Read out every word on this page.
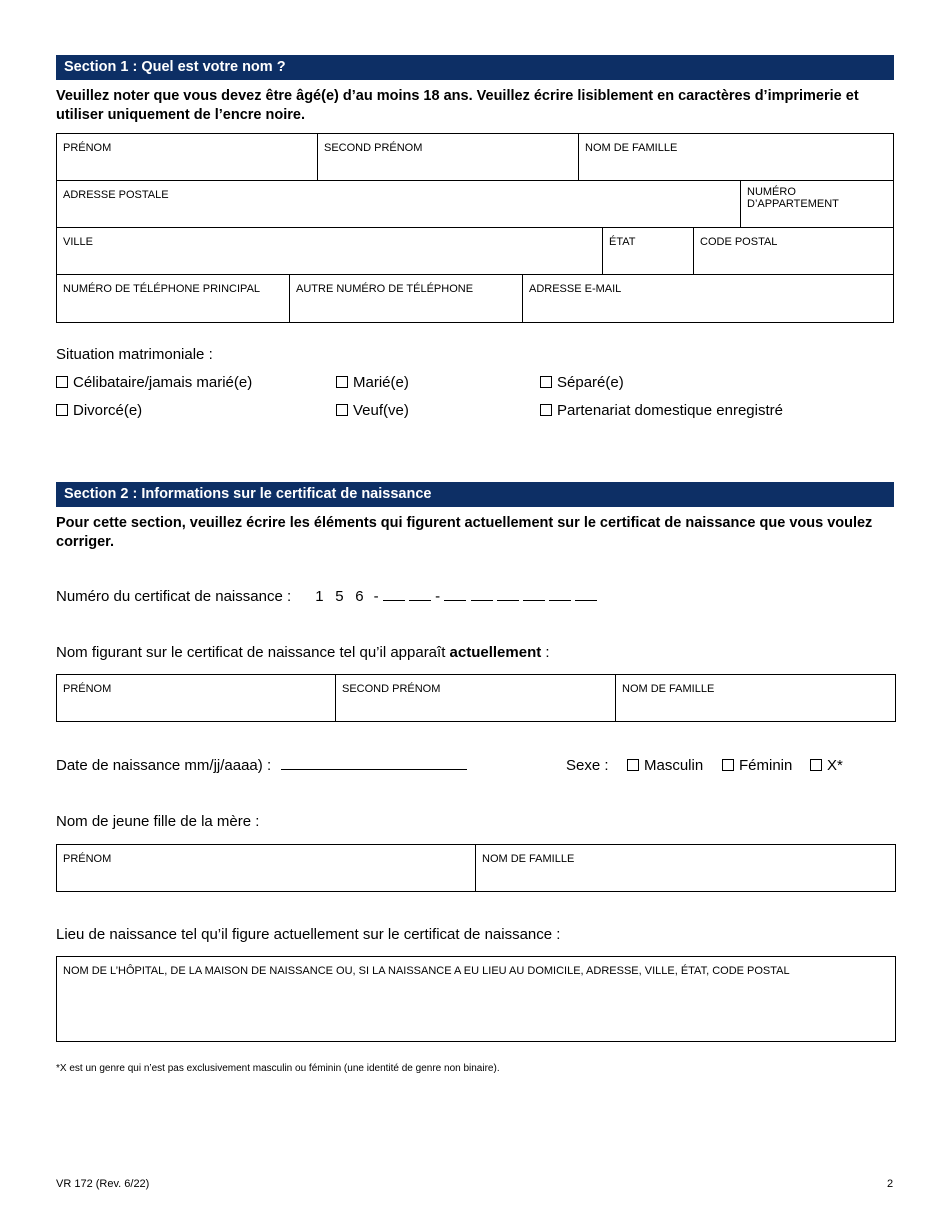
Section 1 : Quel est votre nom ?
Veuillez noter que vous devez être âgé(e) d’au moins 18 ans. Veuillez écrire lisiblement en caractères d’imprimerie et utiliser uniquement de l’encre noire.
PRÉNOM	SECOND PRÉNOM	NOM DE FAMILLE
ADRESSE POSTALE	NUMÉRO D’APPARTEMENT
VILLE	ÉTAT	CODE POSTAL
NUMÉRO DE TÉLÉPHONE PRINCIPAL	AUTRE NUMÉRO DE TÉLÉPHONE	ADRESSE E-MAIL
Situation matrimoniale :
Célibataire/jamais marié(e)	Marié(e)	Séparé(e)
Divorcé(e)	Veuf(ve)	Partenariat domestique enregistré
Section 2 : Informations sur le certificat de naissance
Pour cette section, veuillez écrire les éléments qui figurent actuellement sur le certificat de naissance que vous voulez corriger.
Numéro du certificat de naissance : 1 5 6 -	-
Nom figurant sur le certificat de naissance tel qu’il apparaît actuellement :
PRÉNOM	SECOND PRÉNOM	NOM DE FAMILLE
Date de naissance mm/jj/aaaa) :	Sexe :	Masculin	Féminin	X*
Nom de jeune fille de la mère :
PRÉNOM	NOM DE FAMILLE
Lieu de naissance tel qu’il figure actuellement sur le certificat de naissance :
NOM DE L’HÔPITAL, DE LA MAISON DE NAISSANCE OU, SI LA NAISSANCE A EU LIEU AU DOMICILE, ADRESSE, VILLE, ÉTAT, CODE POSTAL
*X est un genre qui n’est pas exclusivement masculin ou féminin (une identité de genre non binaire).
VR 172 (Rev. 6/22)	2
